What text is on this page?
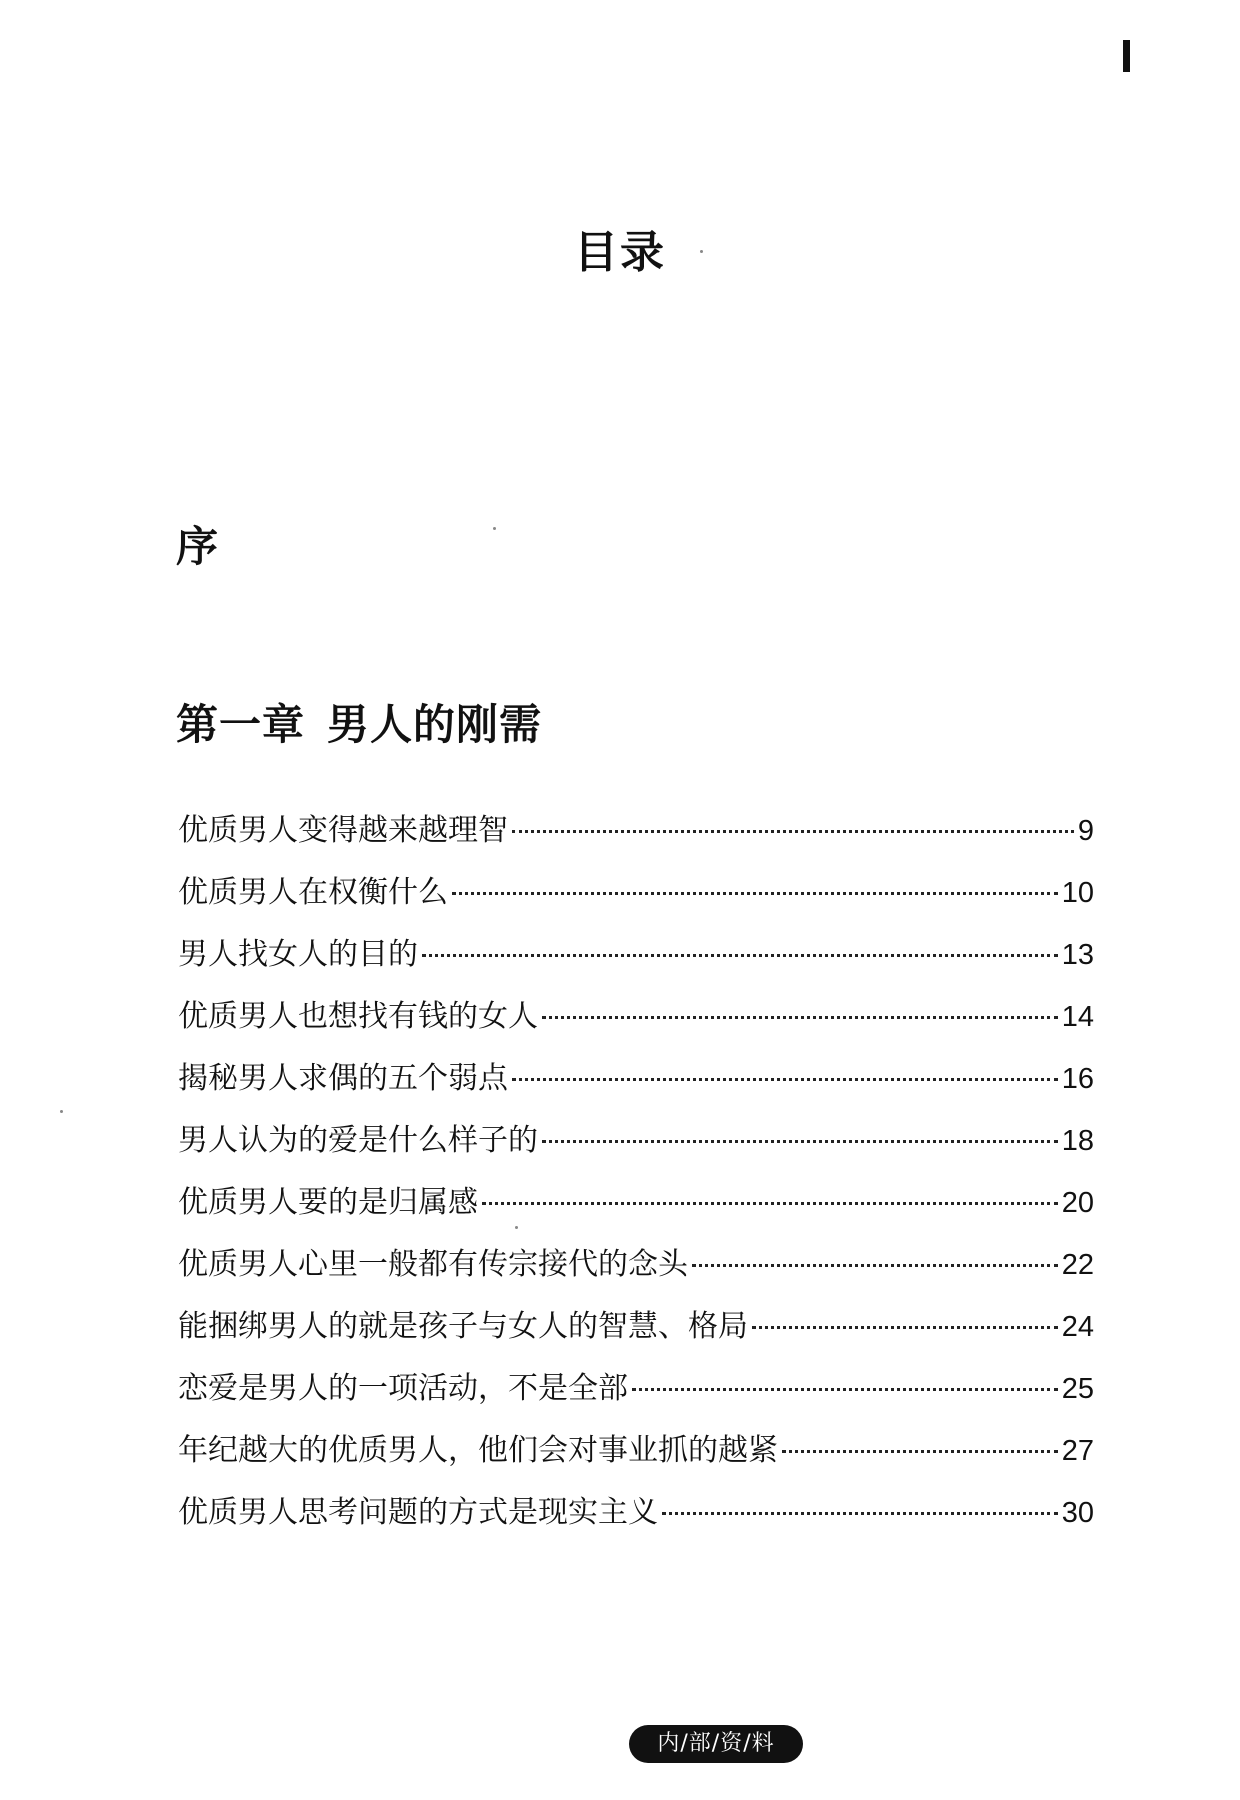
目录
序
第一章 男人的刚需
优质男人变得越来越理智	9
优质男人在权衡什么	10
男人找女人的目的	13
优质男人也想找有钱的女人	14
揭秘男人求偶的五个弱点	16
男人认为的爱是什么样子的	18
优质男人要的是归属感	20
优质男人心里一般都有传宗接代的念头	22
能捆绑男人的就是孩子与女人的智慧、格局	24
恋爱是男人的一项活动，不是全部	25
年纪越大的优质男人，他们会对事业抓的越紧	27
优质男人思考问题的方式是现实主义	30
内/部/资/料
